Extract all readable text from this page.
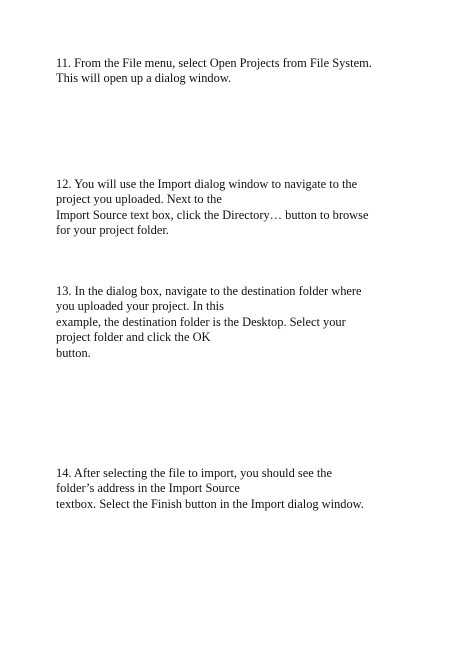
11. From the File menu, select Open Projects from File System.
This will open up a dialog window.

12. You will use the Import dialog window to navigate to the
project you uploaded. Next to the
Import Source text box, click the Directory… button to browse
for your project folder.

13. In the dialog box, navigate to the destination folder where
you uploaded your project. In this
example, the destination folder is the Desktop. Select your
project folder and click the OK
button.

14. After selecting the file to import, you should see the
folder’s address in the Import Source
textbox. Select the Finish button in the Import dialog window.
